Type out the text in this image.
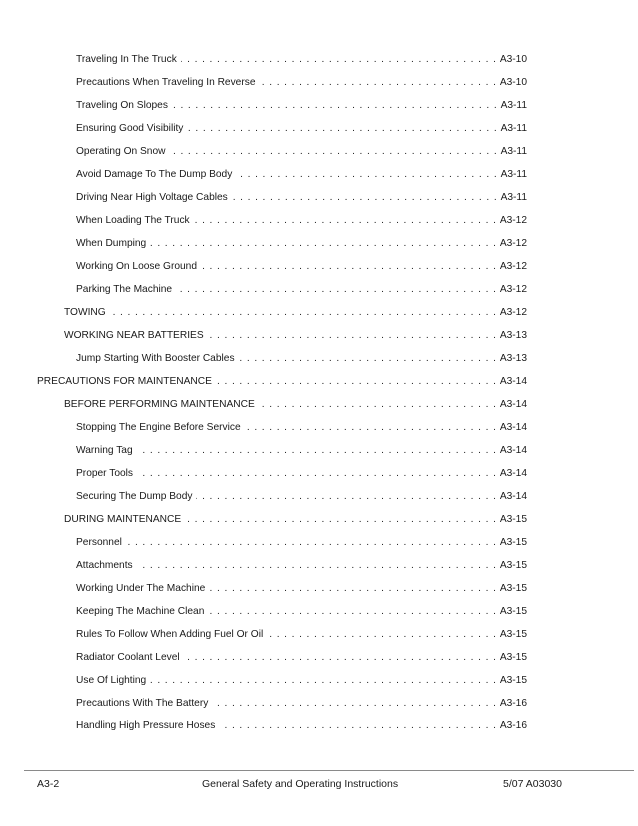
Traveling In The Truck . . .	A3-10
Precautions When Traveling In Reverse . . .	A3-10
Traveling On Slopes . . .	A3-11
Ensuring Good Visibility . . .	A3-11
Operating On Snow . . .	A3-11
Avoid Damage To The Dump Body . . .	A3-11
Driving Near High Voltage Cables . . .	A3-11
When Loading The Truck . . .	A3-12
When Dumping . . .	A3-12
Working On Loose Ground . . .	A3-12
Parking The Machine . . .	A3-12
TOWING . . .	A3-12
WORKING NEAR BATTERIES . . .	A3-13
Jump Starting With Booster Cables . . .	A3-13
PRECAUTIONS FOR MAINTENANCE . . .	A3-14
BEFORE PERFORMING MAINTENANCE . . .	A3-14
Stopping The Engine Before Service . . .	A3-14
Warning Tag . . .	A3-14
Proper Tools . . .	A3-14
Securing The Dump Body . . .	A3-14
DURING MAINTENANCE . . .	A3-15
Personnel . . .	A3-15
Attachments . . .	A3-15
Working Under The Machine . . .	A3-15
Keeping The Machine Clean . . .	A3-15
Rules To Follow When Adding Fuel Or Oil . . .	A3-15
Radiator Coolant Level . . .	A3-15
Use Of Lighting . . .	A3-15
Precautions With The Battery . . .	A3-16
Handling High Pressure Hoses . . .	A3-16
A3-2	General Safety and Operating Instructions	5/07 A03030
